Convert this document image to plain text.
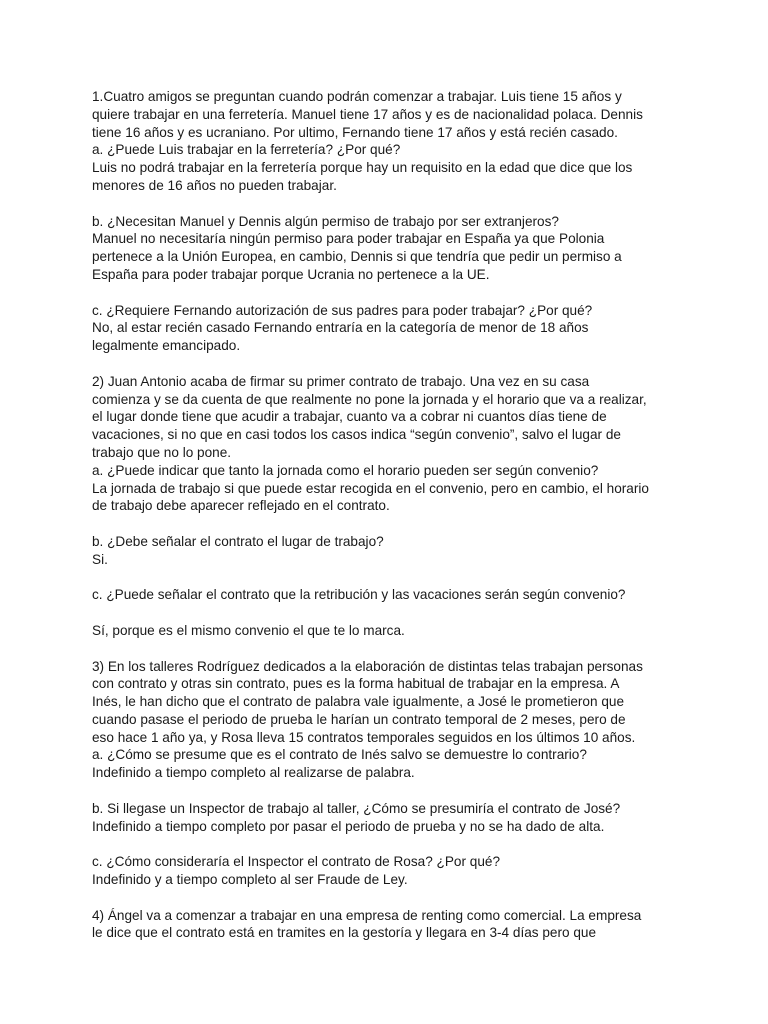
1.Cuatro amigos se preguntan cuando podrán comenzar a trabajar. Luis tiene 15 años y
quiere trabajar en una ferretería. Manuel tiene 17 años y es de nacionalidad polaca. Dennis
tiene 16 años y es ucraniano. Por ultimo, Fernando tiene 17 años y está recién casado.
a. ¿Puede Luis trabajar en la ferretería? ¿Por qué?
Luis no podrá trabajar en la ferretería porque hay un requisito en la edad que dice que los
menores de 16 años no pueden trabajar.
b. ¿Necesitan Manuel y Dennis algún permiso de trabajo por ser extranjeros?
Manuel no necesitaría ningún permiso para poder trabajar en España ya que Polonia
pertenece a la Unión Europea, en cambio, Dennis si que tendría que pedir un permiso a
España para poder trabajar porque Ucrania no pertenece a la UE.
c. ¿Requiere Fernando autorización de sus padres para poder trabajar? ¿Por qué?
No, al estar recién casado Fernando entraría en la categoría de menor de 18 años
legalmente emancipado.
2) Juan Antonio acaba de firmar su primer contrato de trabajo. Una vez en su casa
comienza y se da cuenta de que realmente no pone la jornada y el horario que va a realizar,
el lugar donde tiene que acudir a trabajar, cuanto va a cobrar ni cuantos días tiene de
vacaciones, si no que en casi todos los casos indica “según convenio”, salvo el lugar de
trabajo que no lo pone.
a. ¿Puede indicar que tanto la jornada como el horario pueden ser según convenio?
La jornada de trabajo si que puede estar recogida en el convenio, pero en cambio, el horario
de trabajo debe aparecer reflejado en el contrato.
b. ¿Debe señalar el contrato el lugar de trabajo?
Si.
c. ¿Puede señalar el contrato que la retribución y las vacaciones serán según convenio?
Sí, porque es el mismo convenio el que te lo marca.
3) En los talleres Rodríguez dedicados a la elaboración de distintas telas trabajan personas
con contrato y otras sin contrato, pues es la forma habitual de trabajar en la empresa. A
Inés, le han dicho que el contrato de palabra vale igualmente, a José le prometieron que
cuando pasase el periodo de prueba le harían un contrato temporal de 2 meses, pero de
eso hace 1 año ya, y Rosa lleva 15 contratos temporales seguidos en los últimos 10 años.
a. ¿Cómo se presume que es el contrato de Inés salvo se demuestre lo contrario?
Indefinido a tiempo completo al realizarse de palabra.
b. Si llegase un Inspector de trabajo al taller, ¿Cómo se presumiría el contrato de José?
Indefinido a tiempo completo por pasar el periodo de prueba y no se ha dado de alta.
c. ¿Cómo consideraría el Inspector el contrato de Rosa? ¿Por qué?
Indefinido y a tiempo completo al ser Fraude de Ley.
4) Ángel va a comenzar a trabajar en una empresa de renting como comercial. La empresa
le dice que el contrato está en tramites en la gestoría y llegara en 3-4 días pero que
